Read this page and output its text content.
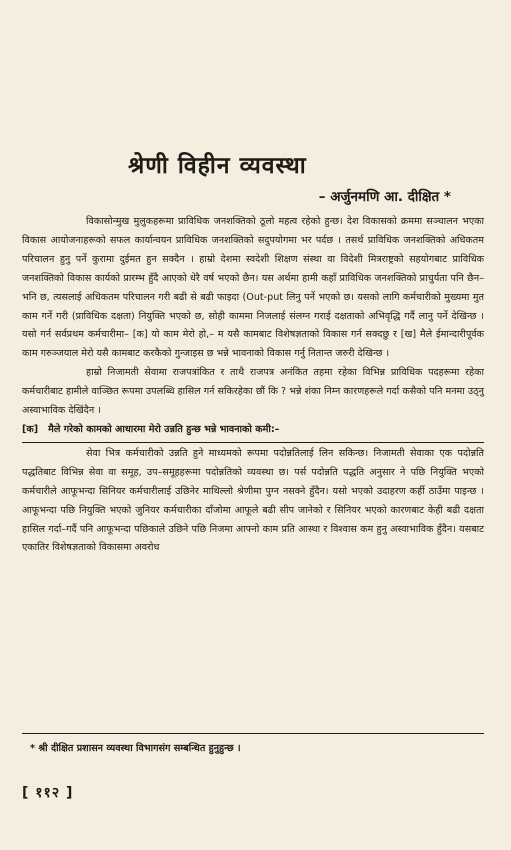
श्रेणी विहीन व्यवस्था
– अर्जुनमणि आ. दीक्षित *

विकासोन्मुख मुलुकहरूमा प्राविधिक जनशक्तिको ठूलो महत्व रहेको हुन्छ। देश विकासको क्रममा सञ्चालन भएका विकास आयोजनाहरूको सफल कार्यान्वयन प्राविधिक जनशक्तिको सदुपयोगमा भर पर्दछ । तसर्थ प्राविधिक जनशक्तिको अधिकतम परिचालन हुनु पर्ने कुरामा दुईमत हुन सक्दैन । हाम्रो देशमा स्वदेशी शिक्षण संस्था वा विदेशी मित्रराष्ट्रको सहयोगबाट प्राविधिक जनशक्तिको विकास कार्यको प्रारम्भ हुँदै आएको धेरै वर्ष भएको छैन। यस अर्थमा हामी कहाँ प्राविधिक जनशक्तिको प्राचुर्यता पनि छैन– भनि छ, त्यसलाई अधिकतम परिचालन गरी बढी से बढी फाइदा (Out-put लिनु पर्ने भएको छ। यसको लागि कर्मचारीको मुख्यमा मुत काम गर्ने गरी (प्राविधिक दक्षता) नियुक्ति भएको छ, सोही काममा निजलाई संलग्न गराई दक्षताको अभिवृद्धि गर्दै लानु पर्ने देखिन्छ । यसो गर्न सर्वप्रथम कर्मचारीमा– [क] यो काम मेरो हो,– म यसै कामबाट विशेषज्ञताको विकास गर्न सक्दछु र [ख] मैले ईमान्दारीपूर्वक काम गरुञ्जयाल मेरो यसै कामबाट करकैको गुन्जाइस छ भन्ने भावनाको विकास गर्नु नितान्त जरुरी देखिन्छ ।

हाम्रो निजामती सेवामा राजपत्रांकित र ताथै राजपत्र अनंकित तहमा रहेका विभिन्न प्राविधिक पदहरूमा रहेका कर्मचारीबाट हामीले वाञ्छित रूपमा उपलब्धि हासिल गर्न सकिरहेका छौं कि ? भन्ने शंका निम्न कारणहरूले गर्दा कसैको पनि मनमा उठ्नु अस्वाभाविक देखिंदैन ।

[क] मैले गरेको कामको आधारमा मेरो उन्नति हुन्छ भन्ने भावनाको कमी:–

सेवा भित्र कर्मचारीको उन्नति हुने माध्यमको रूपमा पदोन्नतिलाई लिन सकिन्छ। निजामती सेवाका एक पदोन्नति पद्धतिबाट विभिन्न सेवा वा समूह, उप–समूहहरूमा पदोन्नतिको व्यवस्था छ। पर्स पदोन्नति पद्धति अनुसार ने पछि नियुक्ति भएको कर्मचारीले आफूभन्दा सिनियर कर्मचारीलाई उछिनेर माथिल्लो श्रेणीमा पुग्न नसक्ने हुँदैन। यसो भएको उदाहरण कर्ही ठाउँमा पाइन्छ । आफूभन्दा पछि नियुक्ति भएको जुनियर कर्मचारीका दाँजोमा आफूले बढी सीप जानेको र सिनियर भएको कारणबाट केही बढी दक्षता हासिल गर्दा–गर्दै पनि आफूभन्दा पछिकाले उछिने पछि निजमा आफ्नो काम प्रति आस्था र विश्वास कम हुनु अस्वाभाविक हुँदैन। यसबाट एकातिर विशेषज्ञताको विकासमा अवरोध

* श्री दीक्षित प्रशासन व्यवस्था विभागसंग सम्बन्धित हुनुहुन्छ ।
[ ११२ ]
